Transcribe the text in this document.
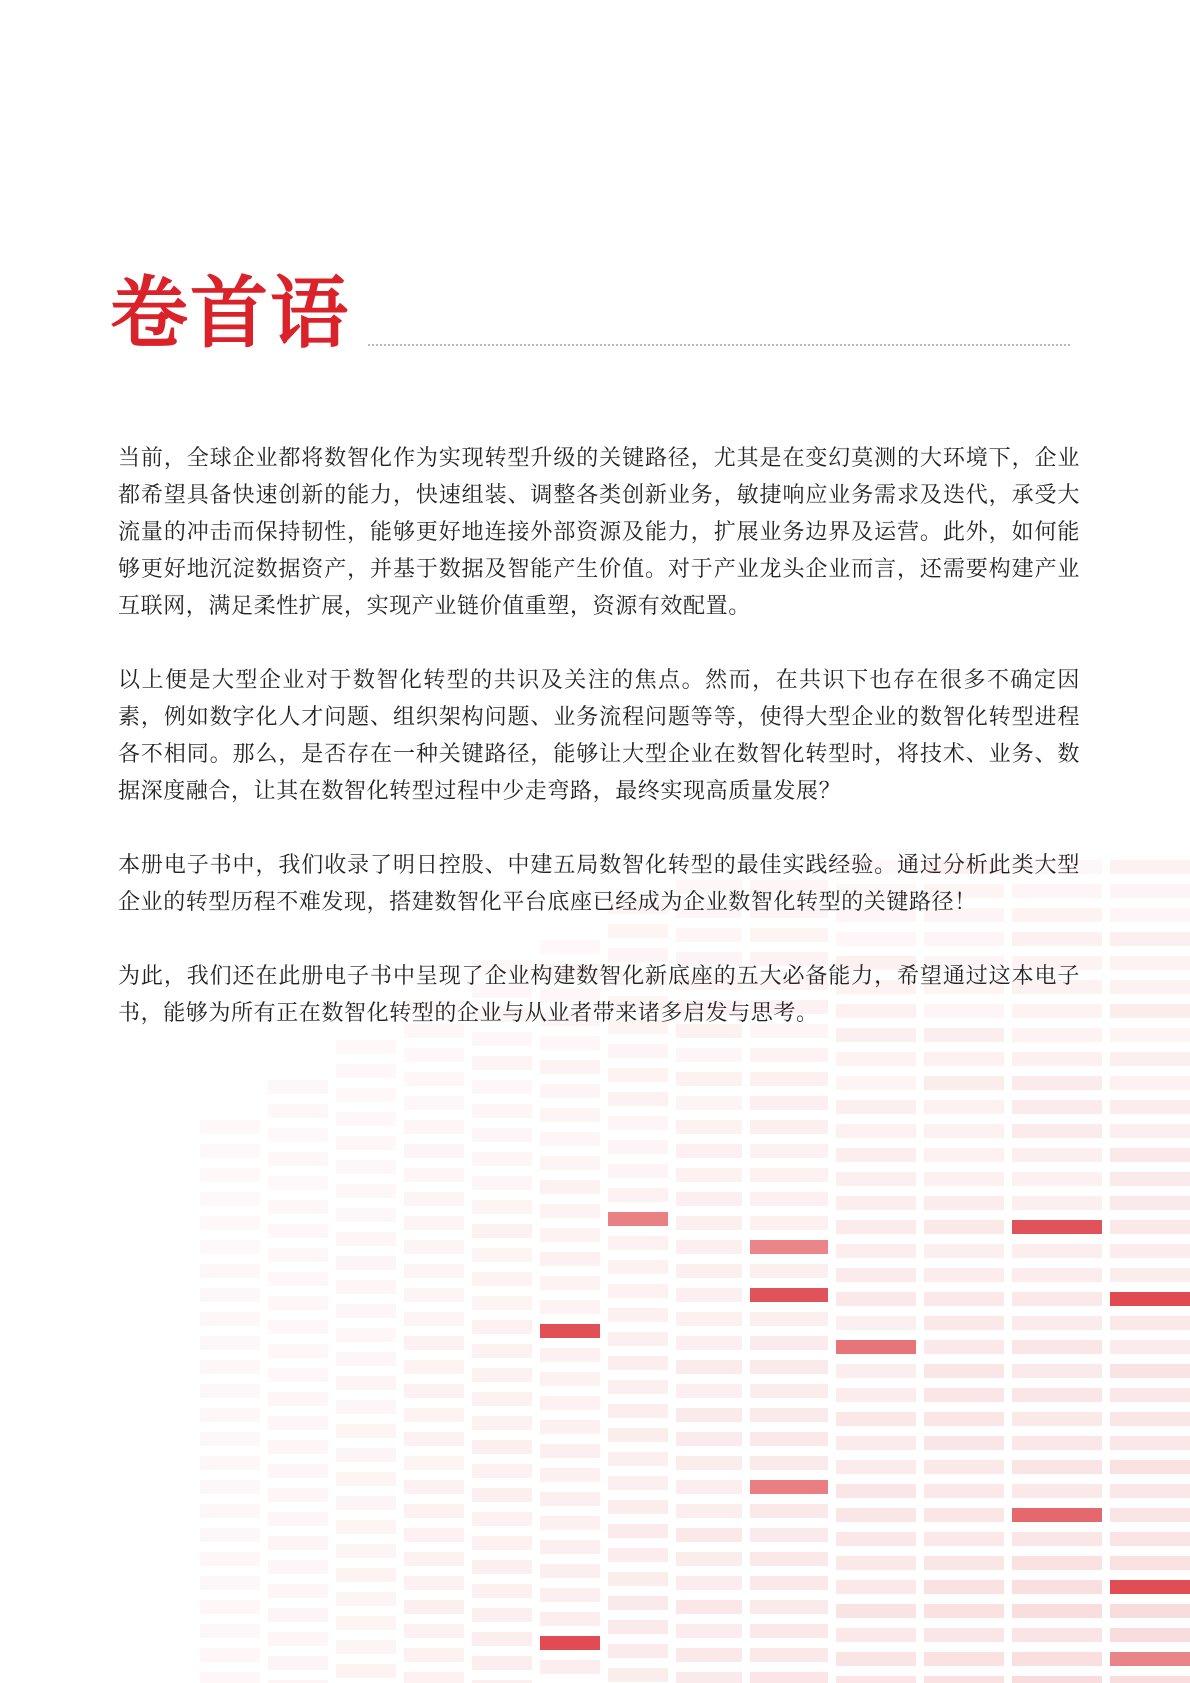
卷首语

当前，全球企业都将数智化作为实现转型升级的关键路径，尤其是在变幻莫测的大环境下，企业都希望具备快速创新的能力，快速组装、调整各类创新业务，敏捷响应业务需求及迭代，承受大流量的冲击而保持韧性，能够更好地连接外部资源及能力，扩展业务边界及运营。此外，如何能够更好地沉淀数据资产，并基于数据及智能产生价值。对于产业龙头企业而言，还需要构建产业互联网，满足柔性扩展，实现产业链价值重塑，资源有效配置。

以上便是大型企业对于数智化转型的共识及关注的焦点。然而，在共识下也存在很多不确定因素，例如数字化人才问题、组织架构问题、业务流程问题等等，使得大型企业的数智化转型进程各不相同。那么，是否存在一种关键路径，能够让大型企业在数智化转型时，将技术、业务、数据深度融合，让其在数智化转型过程中少走弯路，最终实现高质量发展？

本册电子书中，我们收录了明日控股、中建五局数智化转型的最佳实践经验。通过分析此类大型企业的转型历程不难发现，搭建数智化平台底座已经成为企业数智化转型的关键路径！

为此，我们还在此册电子书中呈现了企业构建数智化新底座的五大必备能力，希望通过这本电子书，能够为所有正在数智化转型的企业与从业者带来诸多启发与思考。
